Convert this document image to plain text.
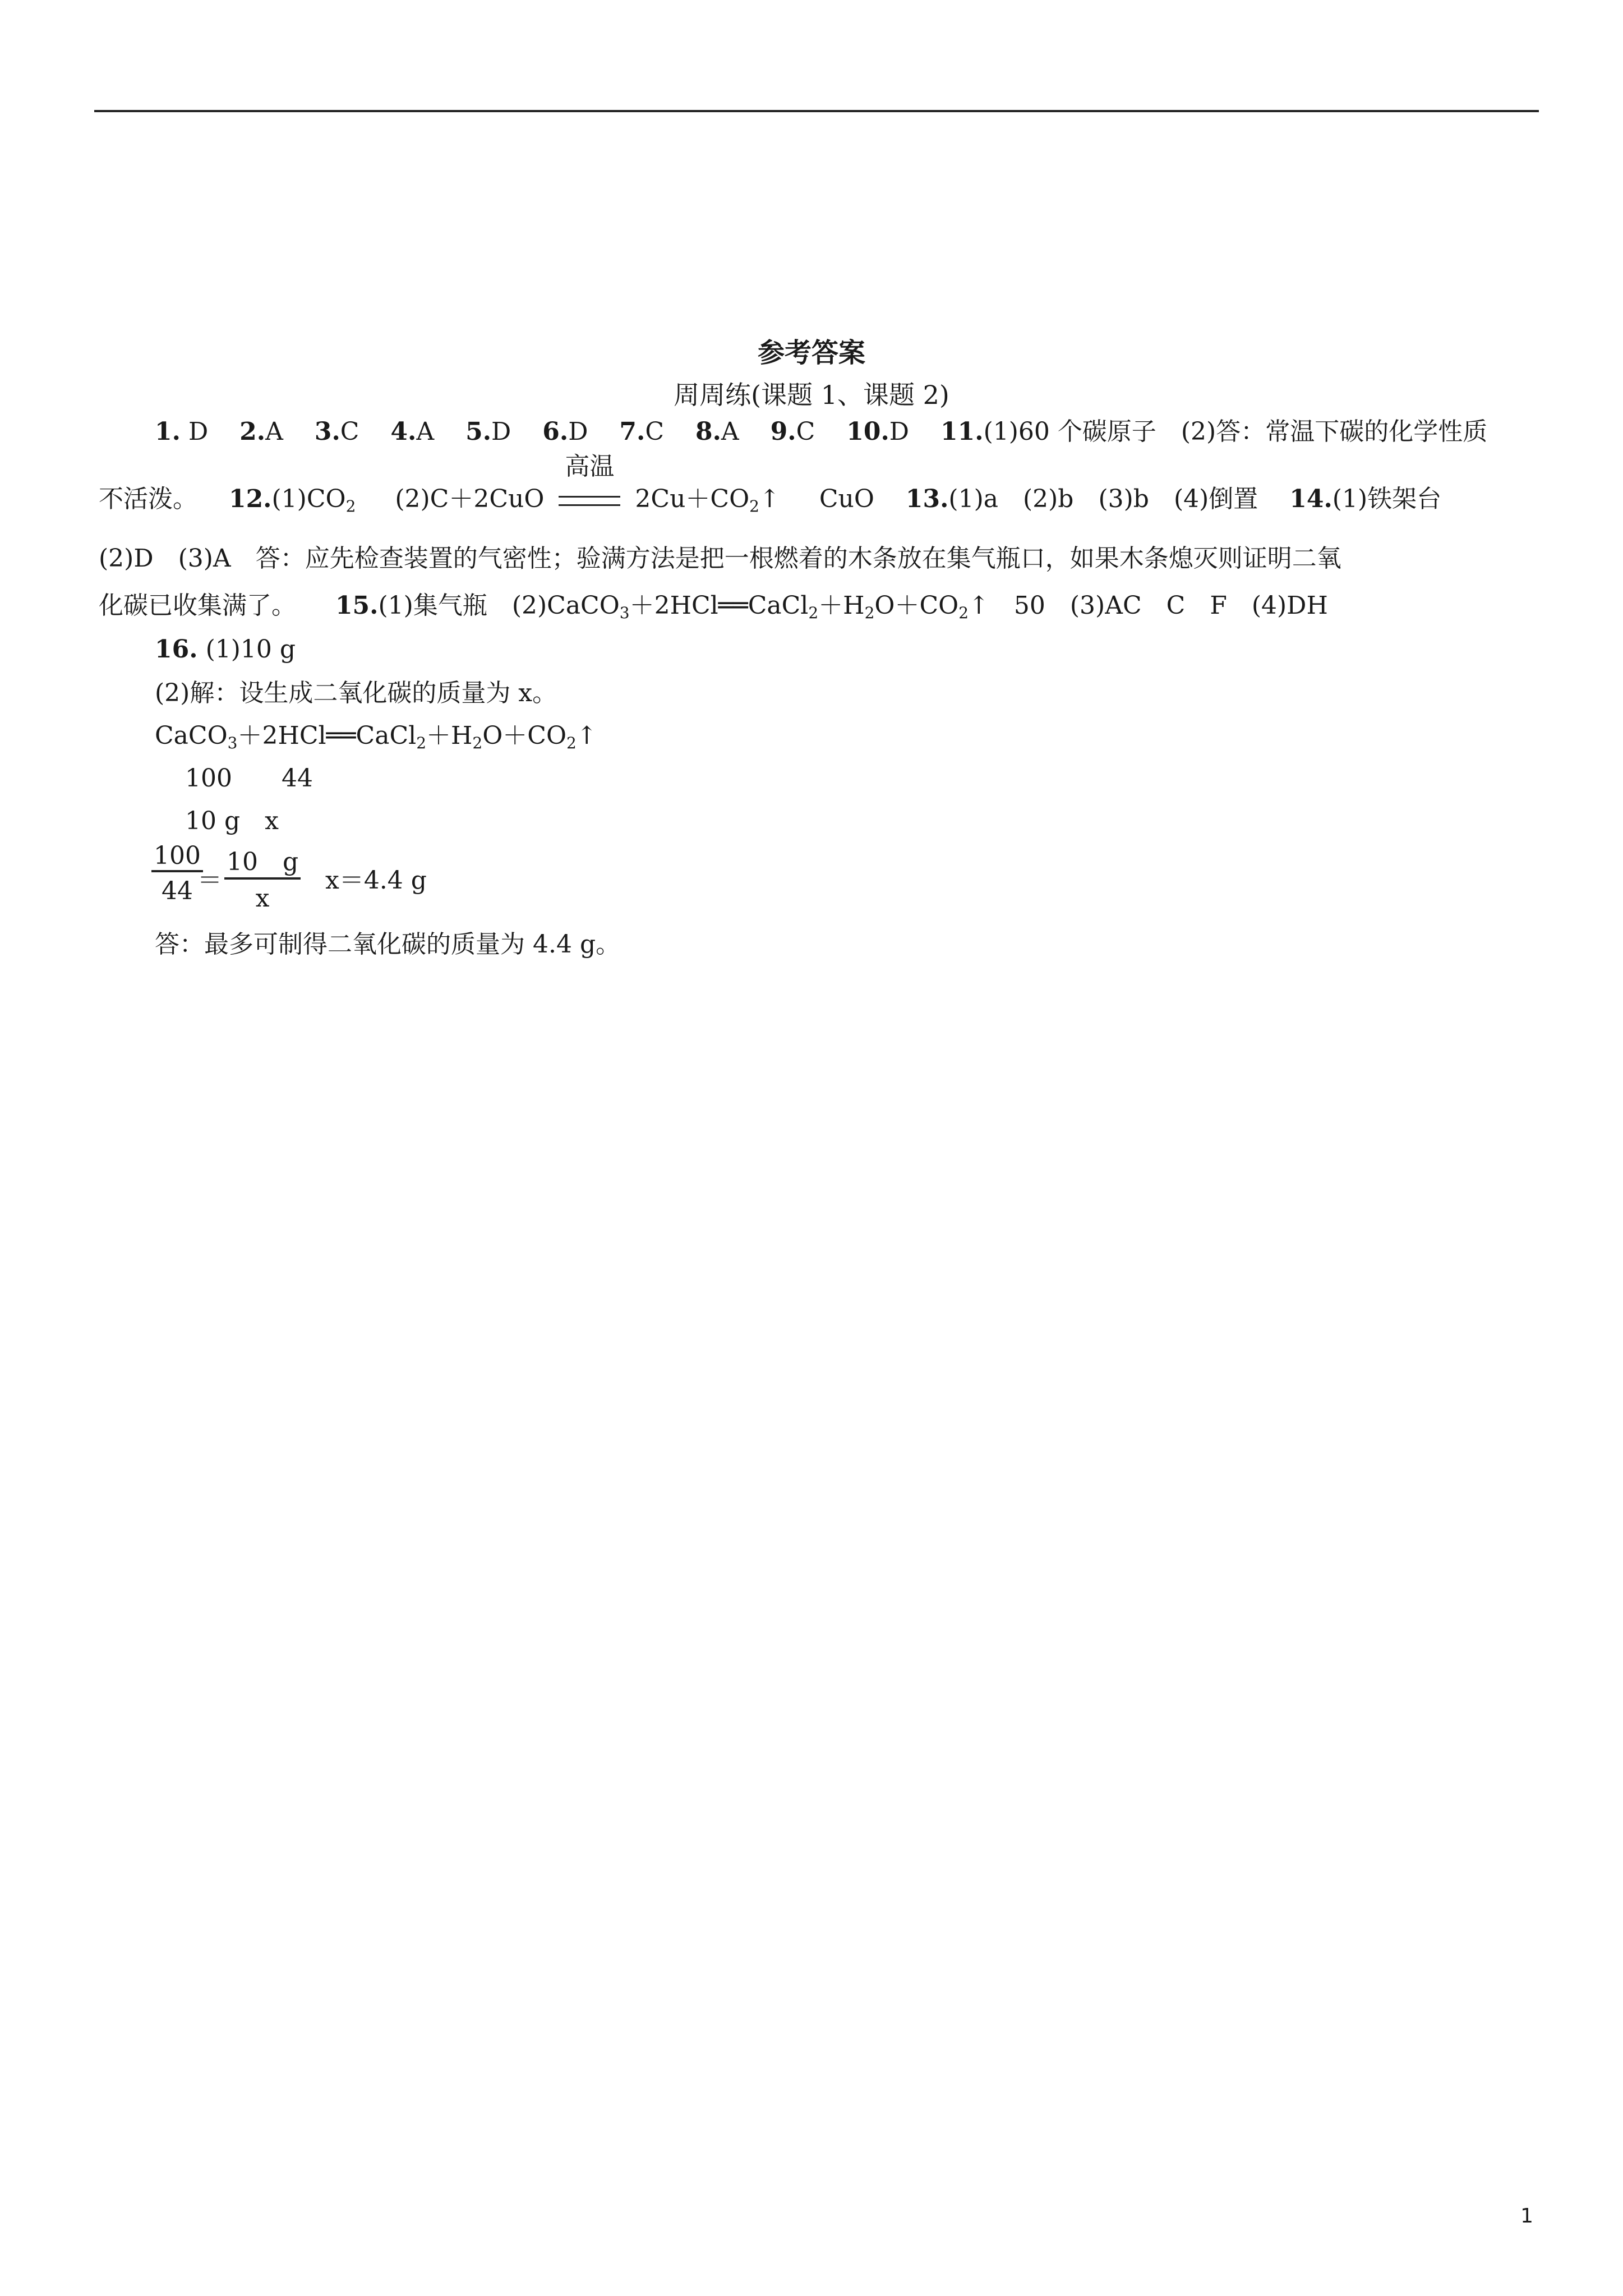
参考答案
周周练(课题 1、课题 2)
1. D 2.A 3.C 4.A 5.D 6.D 7.C 8.A 9.C 10.D 11.(1)60 个碳原子　(2)答：常温下碳的化学性质
不活泼。 $12.(1)CO_2$ (2)C＋2CuO
高温
$2Cu+CO_2↑$ CuO 13.(1)a　(2)b　(3)b　(4)倒置 14.(1)铁架台
(2)D　(3)A　答：应先检查装置的气密性；验满方法是把一根燃着的木条放在集气瓶口，如果木条熄灭则证明二氧
化碳已收集满了。 15.(1)集气瓶　$(2)CaCO_3+2HCl══CaCl_2+H_2O+CO_2↑$　50　(3)AC　C　F　(4)DH
16. (1)10 g
(2)解：设生成二氧化碳的质量为 x。
$CaCO_3+2HCl══CaCl_2+H_2O+CO_2↑$
100　　44
10 g　x
$\frac{100}{44}$
＝ $\frac{10 g}{x} x=4.4$ g
答：最多可制得二氧化碳的质量为 4.4 g。
1
